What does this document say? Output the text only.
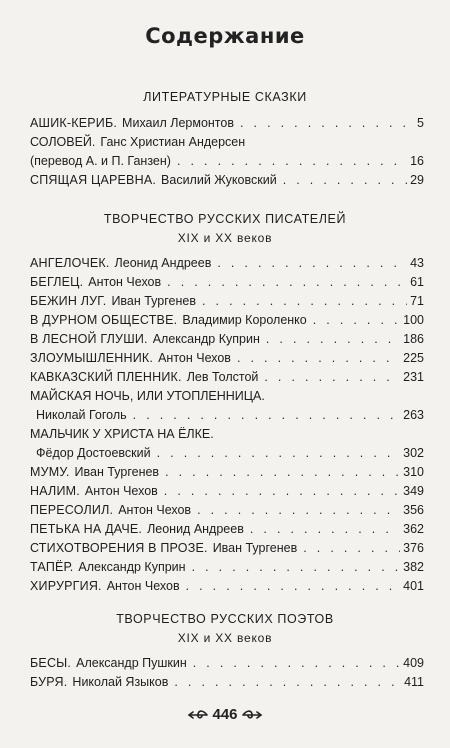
Содержание
ЛИТЕРАТУРНЫЕ СКАЗКИ
АШИК-КЕРИБ. Михаил Лермонтов . . .	5
СОЛОВЕЙ. Ганс Христиан Андерсен
(перевод А. и П. Ганзен) . . .	16
СПЯЩАЯ ЦАРЕВНА. Василий Жуковский . . .	29
ТВОРЧЕСТВО РУССКИХ ПИСАТЕЛЕЙ
XIX и XX веков
АНГЕЛОЧЕК. Леонид Андреев . . .	43
БЕГЛЕЦ. Антон Чехов . . .	61
БЕЖИН ЛУГ. Иван Тургенев . . .	71
В ДУРНОМ ОБЩЕСТВЕ. Владимир Короленко . . .	100
В ЛЕСНОЙ ГЛУШИ. Александр Куприн . . .	186
ЗЛОУМЫШЛЕННИК. Антон Чехов . . .	225
КАВКАЗСКИЙ ПЛЕННИК. Лев Толстой . . .	231
МАЙСКАЯ НОЧЬ, ИЛИ УТОПЛЕННИЦА.
Николай Гоголь . . .	263
МАЛЬЧИК У ХРИСТА НА ЁЛКЕ.
Фёдор Достоевский . . .	302
МУМУ. Иван Тургенев . . .	310
НАЛИМ. Антон Чехов . . .	349
ПЕРЕСОЛИЛ. Антон Чехов . . .	356
ПЕТЬКА НА ДАЧЕ. Леонид Андреев . . .	362
СТИХОТВОРЕНИЯ В ПРОЗЕ. Иван Тургенев . . .	376
ТАПЁР. Александр Куприн . . .	382
ХИРУРГИЯ. Антон Чехов . . .	401
ТВОРЧЕСТВО РУССКИХ ПОЭТОВ
XIX и XX веков
БЕСЫ. Александр Пушкин . . .	409
БУРЯ. Николай Языков . . .	411
446
